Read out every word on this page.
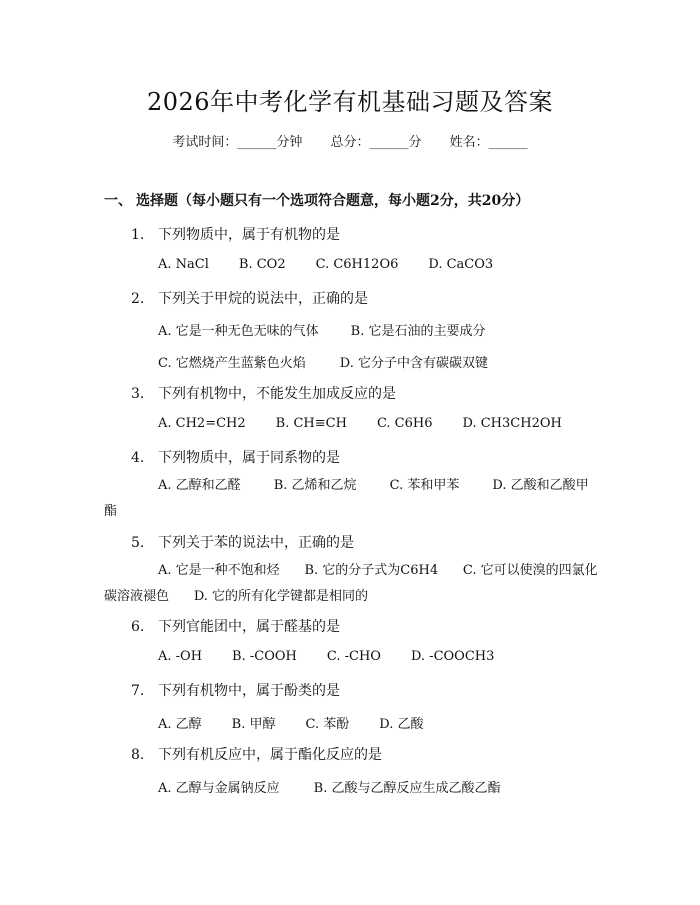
2026年中考化学有机基础习题及答案
考试时间：______分钟 总分：______分 姓名：______
一、 选择题（每小题只有一个选项符合题意，每小题2分，共20分）
1. 下列物质中，属于有机物的是
A. NaCl B. CO2 C. C6H12O6 D. CaCO3
2. 下列关于甲烷的说法中，正确的是
A. 它是一种无色无味的气体 B. 它是石油的主要成分
C. 它燃烧产生蓝紫色火焰	D. 它分子中含有碳碳双键
3. 下列有机物中，不能发生加成反应的是
A. CH2=CH2 B. CH≡CH C. C6H6 D. CH3CH2OH
4. 下列物质中，属于同系物的是
A. 乙醇和乙醛	B. 乙烯和乙烷	C. 苯和甲苯	D. 乙酸和乙酸甲酯
5. 下列关于苯的说法中，正确的是
A. 它是一种不饱和烃 B. 它的分子式为C6H4 C. 它可以使溴的四氯化碳溶液褪色 D. 它的所有化学键都是相同的
6. 下列官能团中，属于醛基的是
A. -OH B. -COOH C. -CHO D. -COOCH3
7. 下列有机物中，属于酚类的是
A. 乙醇 B. 甲醇 C. 苯酚 D. 乙酸
8. 下列有机反应中，属于酯化反应的是
A. 乙醇与金属钠反应	B. 乙酸与乙醇反应生成乙酸乙酯
